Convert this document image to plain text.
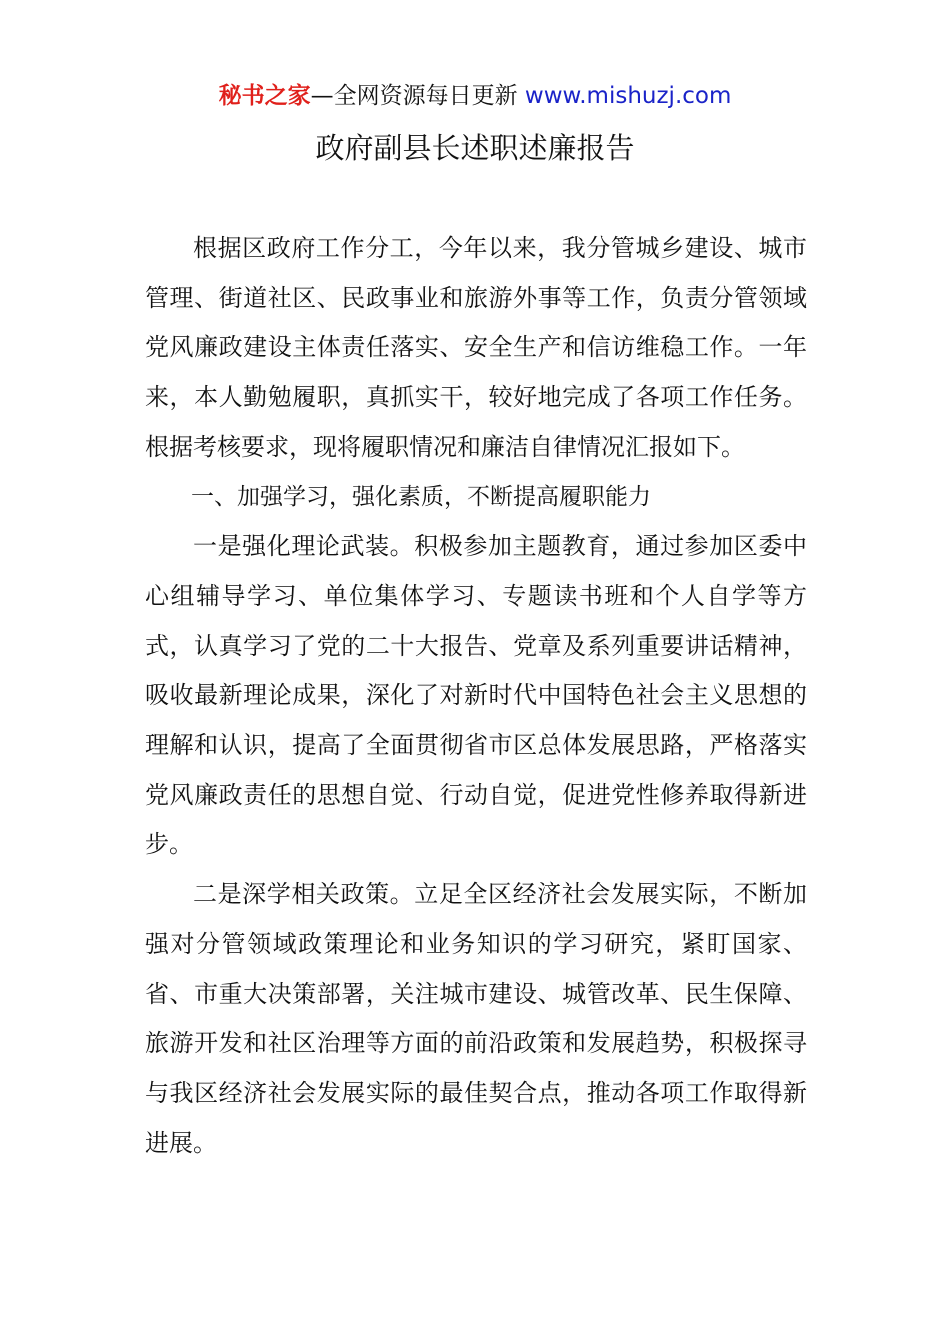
秘书之家—全网资源每日更新 www.mishuzj.com
政府副县长述职述廉报告

根据区政府工作分工，今年以来，我分管城乡建设、城市管理、街道社区、民政事业和旅游外事等工作，负责分管领域党风廉政建设主体责任落实、安全生产和信访维稳工作。一年来，本人勤勉履职，真抓实干，较好地完成了各项工作任务。根据考核要求，现将履职情况和廉洁自律情况汇报如下。

一、加强学习，强化素质，不断提高履职能力

一是强化理论武装。积极参加主题教育，通过参加区委中心组辅导学习、单位集体学习、专题读书班和个人自学等方式，认真学习了党的二十大报告、党章及系列重要讲话精神，吸收最新理论成果，深化了对新时代中国特色社会主义思想的理解和认识，提高了全面贯彻省市区总体发展思路，严格落实党风廉政责任的思想自觉、行动自觉，促进党性修养取得新进步。

二是深学相关政策。立足全区经济社会发展实际，不断加强对分管领域政策理论和业务知识的学习研究，紧盯国家、省、市重大决策部署，关注城市建设、城管改革、民生保障、旅游开发和社区治理等方面的前沿政策和发展趋势，积极探寻与我区经济社会发展实际的最佳契合点，推动各项工作取得新进展。
